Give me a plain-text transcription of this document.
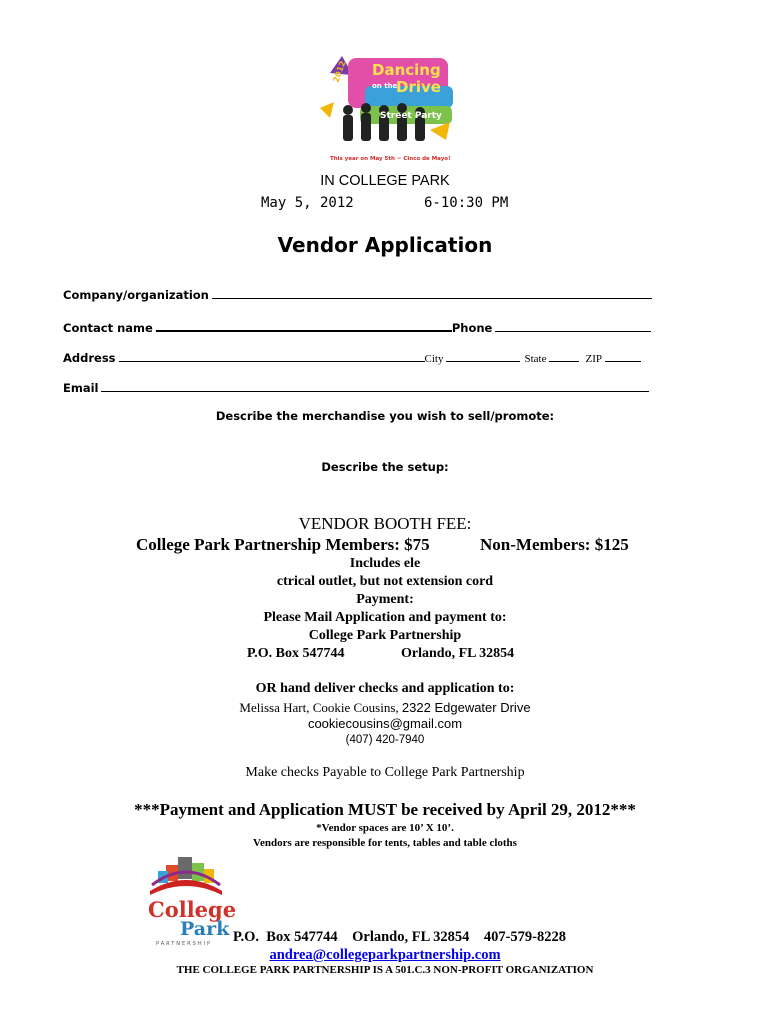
2012 Dancing
on the
Drive
Street Party
This year on May 5th ~ Cinco de Mayo!
IN COLLEGE PARK
May 5, 2012	6-10:30 PM
Vendor Application
Company/organization
Contact name	Phone
Address	City	State	ZIP
Email
Describe the merchandise you wish to sell/promote:
Describe the setup:
VENDOR BOOTH FEE:
College Park Partnership Members: $75	Non-Members: $125
Includes ele
ctrical outlet, but not extension cord
Payment:
Please Mail Application and payment to:
College Park Partnership
P.O. Box 547744	Orlando, FL 32854
OR hand deliver checks and application to:
Melissa Hart, Cookie Cousins, 2322 Edgewater Drive
cookiecousins@gmail.com
(407) 420-7940
Make checks Payable to College Park Partnership
***Payment and Application MUST be received by April 29, 2012***
*Vendor spaces are 10’ X 10’.
Vendors are responsible for tents, tables and table cloths
College
Park
PARTNERSHIP P.O.  Box 547744    Orlando, FL 32854    407-579-8228
andrea@collegeparkpartnership.com
THE COLLEGE PARK PARTNERSHIP IS A 501.C.3 NON-PROFIT ORGANIZATION
